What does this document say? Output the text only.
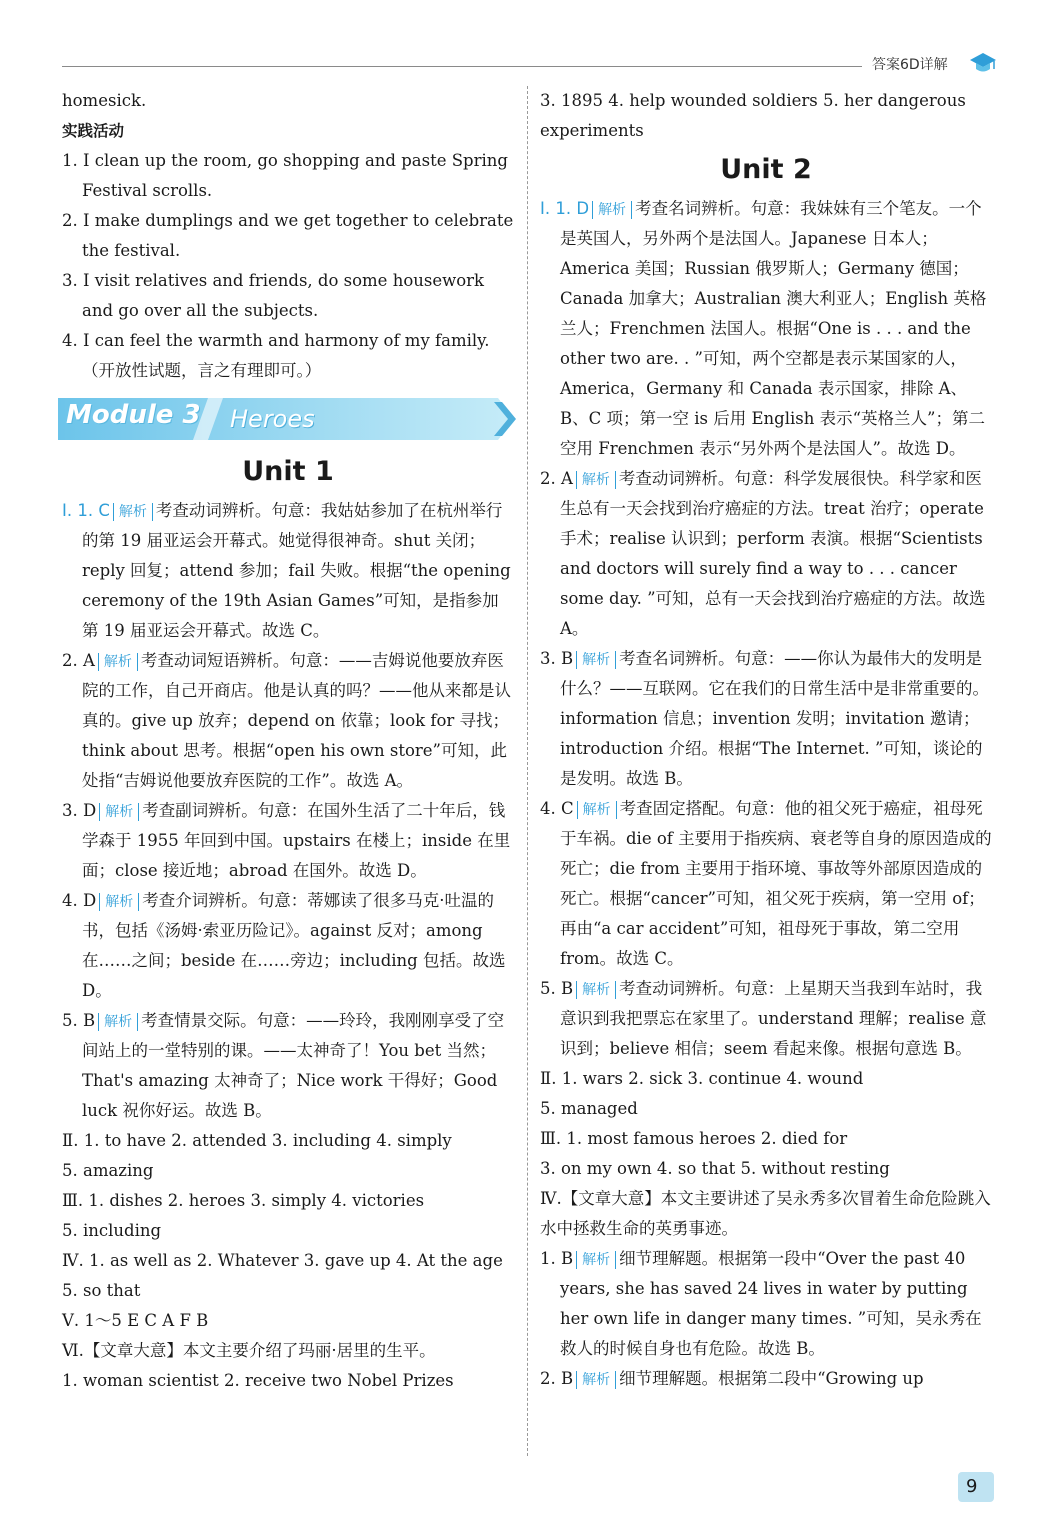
答案6D详解
homesick.
实践活动
1. I clean up the room, go shopping and paste Spring Festival scrolls.
2. I make dumplings and we get together to celebrate the festival.
3. I visit relatives and friends, do some housework and go over all the subjects.
4. I can feel the warmth and harmony of my family.（开放性试题，言之有理即可。）
Module 3 Heroes
Unit 1
Ⅰ. 1. C 解析 考查动词辨析。句意：我姑姑参加了在杭州举行的第 19 届亚运会开幕式。她觉得很神奇。shut 关闭；reply 回复；attend 参加；fail 失败。根据“the opening ceremony of the 19th Asian Games”可知，是指参加第 19 届亚运会开幕式。故选 C。
2. A 解析 考查动词短语辨析。句意：——吉姆说他要放弃医院的工作，自己开商店。他是认真的吗？——他从来都是认真的。give up 放弃；depend on 依靠；look for 寻找；think about 思考。根据“open his own store”可知，此处指“吉姆说他要放弃医院的工作”。故选 A。
3. D 解析 考查副词辨析。句意：在国外生活了二十年后，钱学森于 1955 年回到中国。upstairs 在楼上；inside 在里面；close 接近地；abroad 在国外。故选 D。
4. D 解析 考查介词辨析。句意：蒂娜读了很多马克·吐温的书，包括《汤姆·索亚历险记》。against 反对；among 在……之间；beside 在……旁边；including 包括。故选 D。
5. B 解析 考查情景交际。句意：——玲玲，我刚刚享受了空间站上的一堂特别的课。——太神奇了！You bet 当然；That's amazing 太神奇了；Nice work 干得好；Good luck 祝你好运。故选 B。
Ⅱ. 1. to have 2. attended 3. including 4. simply
5. amazing
Ⅲ. 1. dishes 2. heroes 3. simply 4. victories
5. including
Ⅳ. 1. as well as 2. Whatever 3. gave up 4. At the age 5. so that
Ⅴ. 1～5 E C A F B
Ⅵ.【文章大意】本文主要介绍了玛丽·居里的生平。
1. woman scientist 2. receive two Nobel Prizes
3. 1895 4. help wounded soldiers 5. her dangerous experiments
Unit 2
Ⅰ. 1. D 解析 考查名词辨析。句意：我妹妹有三个笔友。一个是英国人，另外两个是法国人。Japanese 日本人；America 美国；Russian 俄罗斯人；Germany 德国；Canada 加拿大；Australian 澳大利亚人；English 英格兰人；Frenchmen 法国人。根据“One is . . . and the other two are. . ”可知，两个空都是表示某国家的人，America，Germany 和 Canada 表示国家，排除 A、B、C 项；第一空 is 后用 English 表示“英格兰人”；第二空用 Frenchmen 表示“另外两个是法国人”。故选 D。
2. A 解析 考查动词辨析。句意：科学发展很快。科学家和医生总有一天会找到治疗癌症的方法。treat 治疗；operate 手术；realise 认识到；perform 表演。根据“Scientists and doctors will surely find a way to . . . cancer some day. ”可知，总有一天会找到治疗癌症的方法。故选 A。
3. B 解析 考查名词辨析。句意：——你认为最伟大的发明是什么？——互联网。它在我们的日常生活中是非常重要的。information 信息；invention 发明；invitation 邀请；introduction 介绍。根据“The Internet. ”可知，谈论的是发明。故选 B。
4. C 解析 考查固定搭配。句意：他的祖父死于癌症，祖母死于车祸。die of 主要用于指疾病、衰老等自身的原因造成的死亡；die from 主要用于指环境、事故等外部原因造成的死亡。根据“cancer”可知，祖父死于疾病，第一空用 of；再由“a car accident”可知，祖母死于事故，第二空用 from。故选 C。
5. B 解析 考查动词辨析。句意：上星期天当我到车站时，我意识到我把票忘在家里了。understand 理解；realise 意识到；believe 相信；seem 看起来像。根据句意选 B。
Ⅱ. 1. wars 2. sick 3. continue 4. wound
5. managed
Ⅲ. 1. most famous heroes 2. died for
3. on my own 4. so that 5. without resting
Ⅳ.【文章大意】本文主要讲述了吴永秀多次冒着生命危险跳入水中拯救生命的英勇事迹。
1. B 解析 细节理解题。根据第一段中“Over the past 40 years, she has saved 24 lives in water by putting her own life in danger many times. ”可知，吴永秀在救人的时候自身也有危险。故选 B。
2. B 解析 细节理解题。根据第二段中“Growing up
9
